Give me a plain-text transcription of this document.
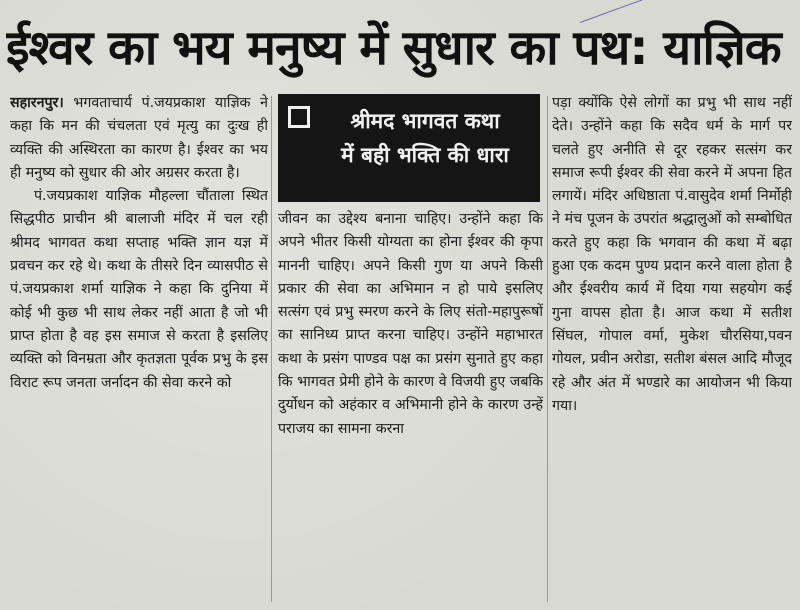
ईश्वर का भय मनुष्य में सुधार का पथ: याज्ञिक

सहारनपुर। भगवताचार्य पं.जयप्रकाश याज्ञिक ने कहा कि मन की चंचलता एवं मृत्यु का दुःख ही व्यक्ति की अस्थिरता का कारण है। ईश्वर का भय ही मनुष्य को सुधार की ओर अग्रसर करता है।

पं.जयप्रकाश याज्ञिक मौहल्ला चौंताला स्थित सिद्धपीठ प्राचीन श्री बालाजी मंदिर में चल रही श्रीमद भागवत कथा सप्ताह भक्ति ज्ञान यज्ञ में प्रवचन कर रहे थे। कथा के तीसरे दिन व्यासपीठ से पं.जयप्रकाश शर्मा याज्ञिक ने कहा कि दुनिया में कोई भी कुछ भी साथ लेकर नहीं आता है जो भी प्राप्त होता है वह इस समाज से करता है इसलिए व्यक्ति को विनम्रता और कृतज्ञता पूर्वक प्रभु के इस विराट रूप जनता जर्नादन की सेवा करने को

श्रीमद भागवत कथा
में बही भक्ति की धारा

जीवन का उद्देश्य बनाना चाहिए। उन्होंने कहा कि अपने भीतर किसी योग्यता का होना ईश्वर की कृपा माननी चाहिए। अपने किसी गुण या अपने किसी प्रकार की सेवा का अभिमान न हो पाये इसलिए सत्संग एवं प्रभु स्मरण करने के लिए संतो-महापुरूषों का सानिध्य प्राप्त करना चाहिए। उन्होंने महाभारत कथा के प्रसंग पाण्डव पक्ष का प्रसंग सुनाते हुए कहा कि भागवत प्रेमी होने के कारण वे विजयी हुए जबकि दुर्योधन को अहंकार व अभिमानी होने के कारण उन्हें पराजय का सामना करना

पड़ा क्योंकि ऐसे लोगों का प्रभु भी साथ नहीं देते। उन्होंने कहा कि सदैव धर्म के मार्ग पर चलते हुए अनीति से दूर रहकर सत्संग कर समाज रूपी ईश्वर की सेवा करने में अपना हित लगायें। मंदिर अधिष्ठाता पं.वासुदेव शर्मा निर्मोही ने मंच पूजन के उपरांत श्रद्धालुओं को सम्बोधित करते हुए कहा कि भगवान की कथा में बढ़ा हुआ एक कदम पुण्य प्रदान करने वाला होता है और ईश्वरीय कार्य में दिया गया सहयोग कई गुना वापस होता है। आज कथा में सतीश सिंघल, गोपाल वर्मा, मुकेश चौरसिया,पवन गोयल, प्रवीन अरोडा, सतीश बंसल आदि मौजूद रहे और अंत में भण्डारे का आयोजन भी किया गया।
